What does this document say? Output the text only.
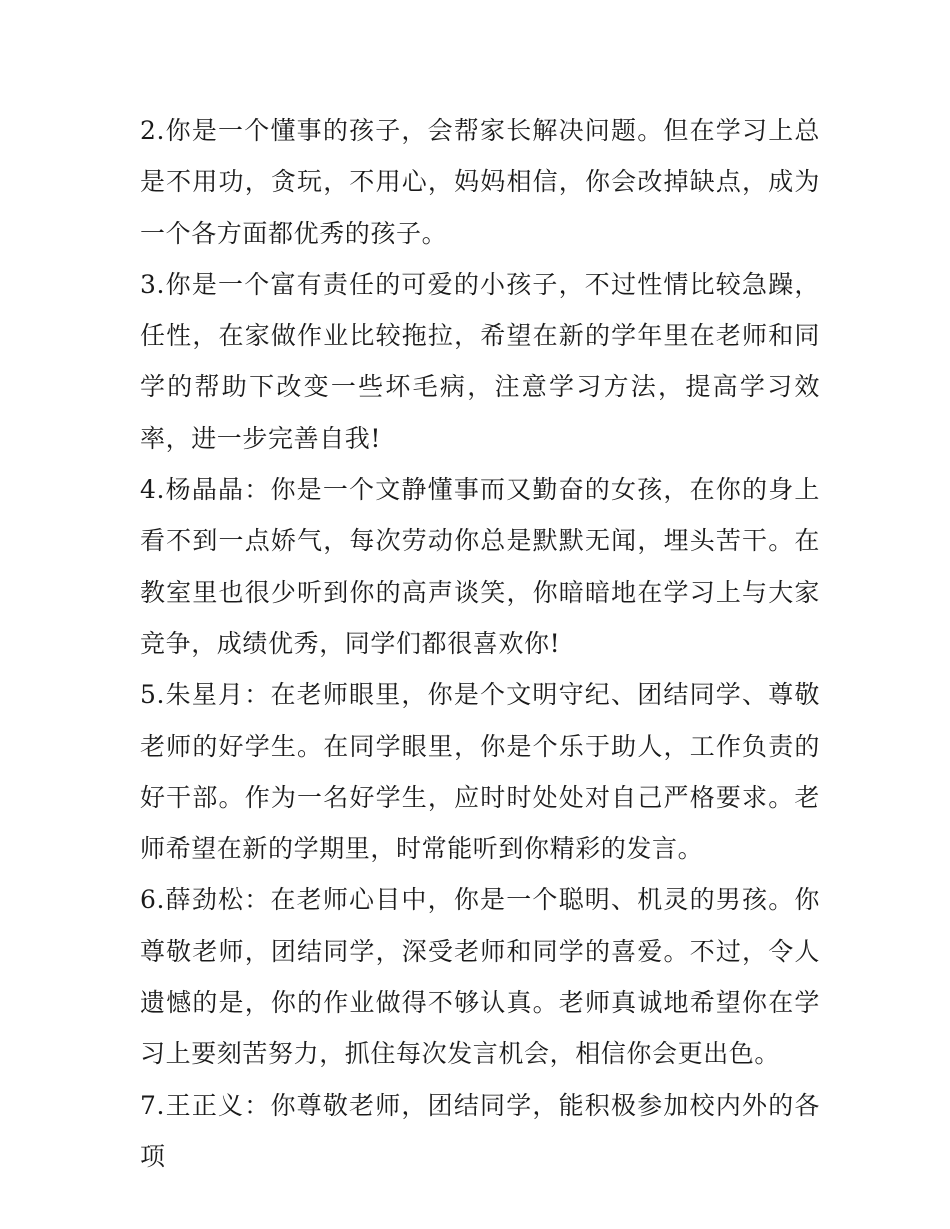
2.你是一个懂事的孩子，会帮家长解决问题。但在学习上总是不用功，贪玩，不用心，妈妈相信，你会改掉缺点，成为一个各方面都优秀的孩子。

3.你是一个富有责任的可爱的小孩子，不过性情比较急躁，任性，在家做作业比较拖拉，希望在新的学年里在老师和同学的帮助下改变一些坏毛病，注意学习方法，提高学习效率，进一步完善自我!

4.杨晶晶：你是一个文静懂事而又勤奋的女孩，在你的身上看不到一点娇气，每次劳动你总是默默无闻，埋头苦干。在教室里也很少听到你的高声谈笑，你暗暗地在学习上与大家竞争，成绩优秀，同学们都很喜欢你!

5.朱星月：在老师眼里，你是个文明守纪、团结同学、尊敬老师的好学生。在同学眼里，你是个乐于助人，工作负责的好干部。作为一名好学生，应时时处处对自己严格要求。老师希望在新的学期里，时常能听到你精彩的发言。

6.薛劲松：在老师心目中，你是一个聪明、机灵的男孩。你尊敬老师，团结同学，深受老师和同学的喜爱。不过，令人遗憾的是，你的作业做得不够认真。老师真诚地希望你在学习上要刻苦努力，抓住每次发言机会，相信你会更出色。

7.王正义：你尊敬老师，团结同学，能积极参加校内外的各项
